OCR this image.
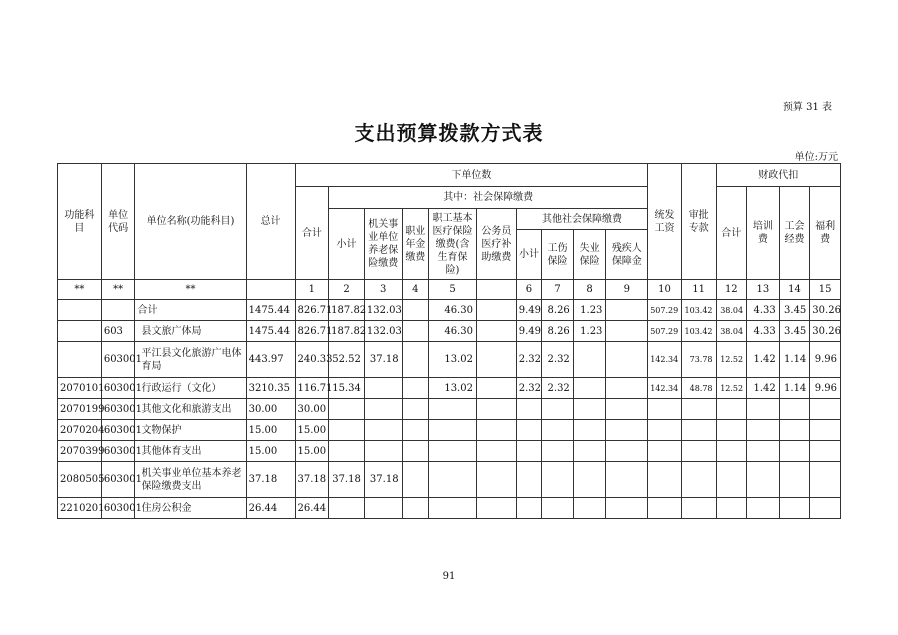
预算 31 表
支出预算拨款方式表
单位:万元
功能科目	单位代码	单位名称(功能科目)	总计	下单位数										统发工资	审批专款	财政代扣			
				合计	其中：社会保障缴费											合计	培训费	工会经费	福利费
					小计	机关事业单位养老保险缴费	职业年金缴费	职工基本医疗保险缴费(含生育保险)	公务员医疗补助缴费	其他社会保障缴费									
										小计	工伤保险	失业保险	残疾人保障金						
**	**	**		1	2	3	4	5		6	7	8	9	10	11	12	13	14	15
		合计	1475.44	826.71	187.82	132.03		46.30		9.49	8.26	1.23		507.29	103.42	38.04	4.33	3.45	30.26
	603	县文旅广体局	1475.44	826.71	187.82	132.03		46.30		9.49	8.26	1.23		507.29	103.42	38.04	4.33	3.45	30.26
	603001	平江县文化旅游广电体育局	443.97	240.33	52.52	37.18		13.02		2.32	2.32			142.34	73.78	12.52	1.42	1.14	9.96
2070101	603001	行政运行（文化）	3210.35	116.71	15.34			13.02		2.32	2.32			142.34	48.78	12.52	1.42	1.14	9.96
2070199	603001	其他文化和旅游支出	30.00	30.00															
2070204	603001	文物保护	15.00	15.00															
2070399	603001	其他体育支出	15.00	15.00															
2080505	603001	机关事业单位基本养老保险缴费支出	37.18	37.18	37.18	37.18													
2210201	603001	住房公积金	26.44	26.44															
91
